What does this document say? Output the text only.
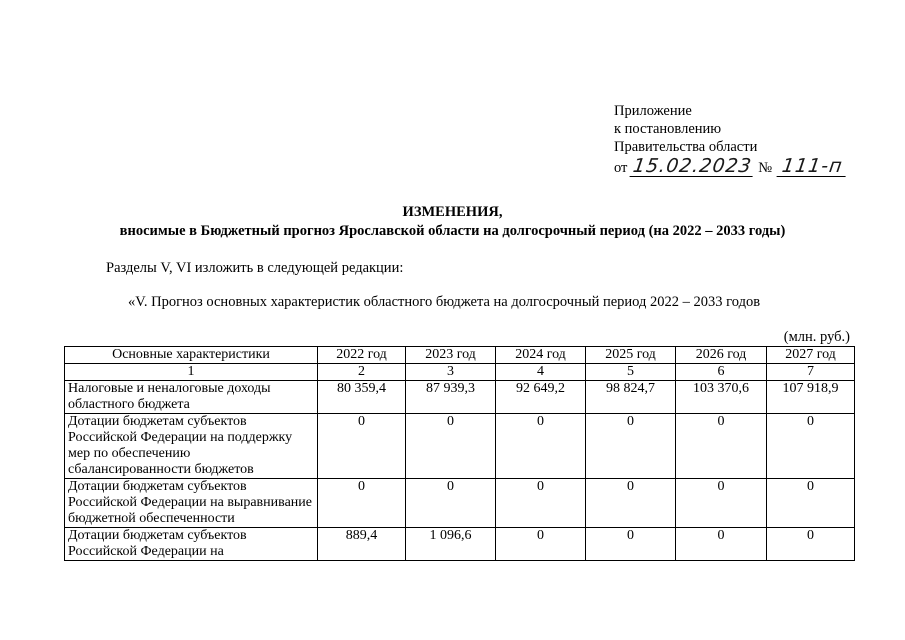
Приложение
к постановлению
Правительства области
от 15.02.2023 № 111-п
ИЗМЕНЕНИЯ,
вносимые в Бюджетный прогноз Ярославской области на долгосрочный период (на 2022 – 2033 годы)
Разделы V, VI изложить в следующей редакции:
«V. Прогноз основных характеристик областного бюджета на долгосрочный период 2022 – 2033 годов
(млн. руб.)
Основные характеристики	2022 год	2023 год	2024 год	2025 год	2026 год	2027 год
1	2	3	4	5	6	7
Налоговые и неналоговые доходы областного бюджета	80 359,4	87 939,3	92 649,2	98 824,7	103 370,6	107 918,9
Дотации бюджетам субъектов Российской Федерации на поддержку мер по обеспечению сбалансированности бюджетов	0	0	0	0	0	0
Дотации бюджетам субъектов Российской Федерации на выравнивание бюджетной обеспеченности	0	0	0	0	0	0
Дотации бюджетам субъектов Российской Федерации на	889,4	1 096,6	0	0	0	0
